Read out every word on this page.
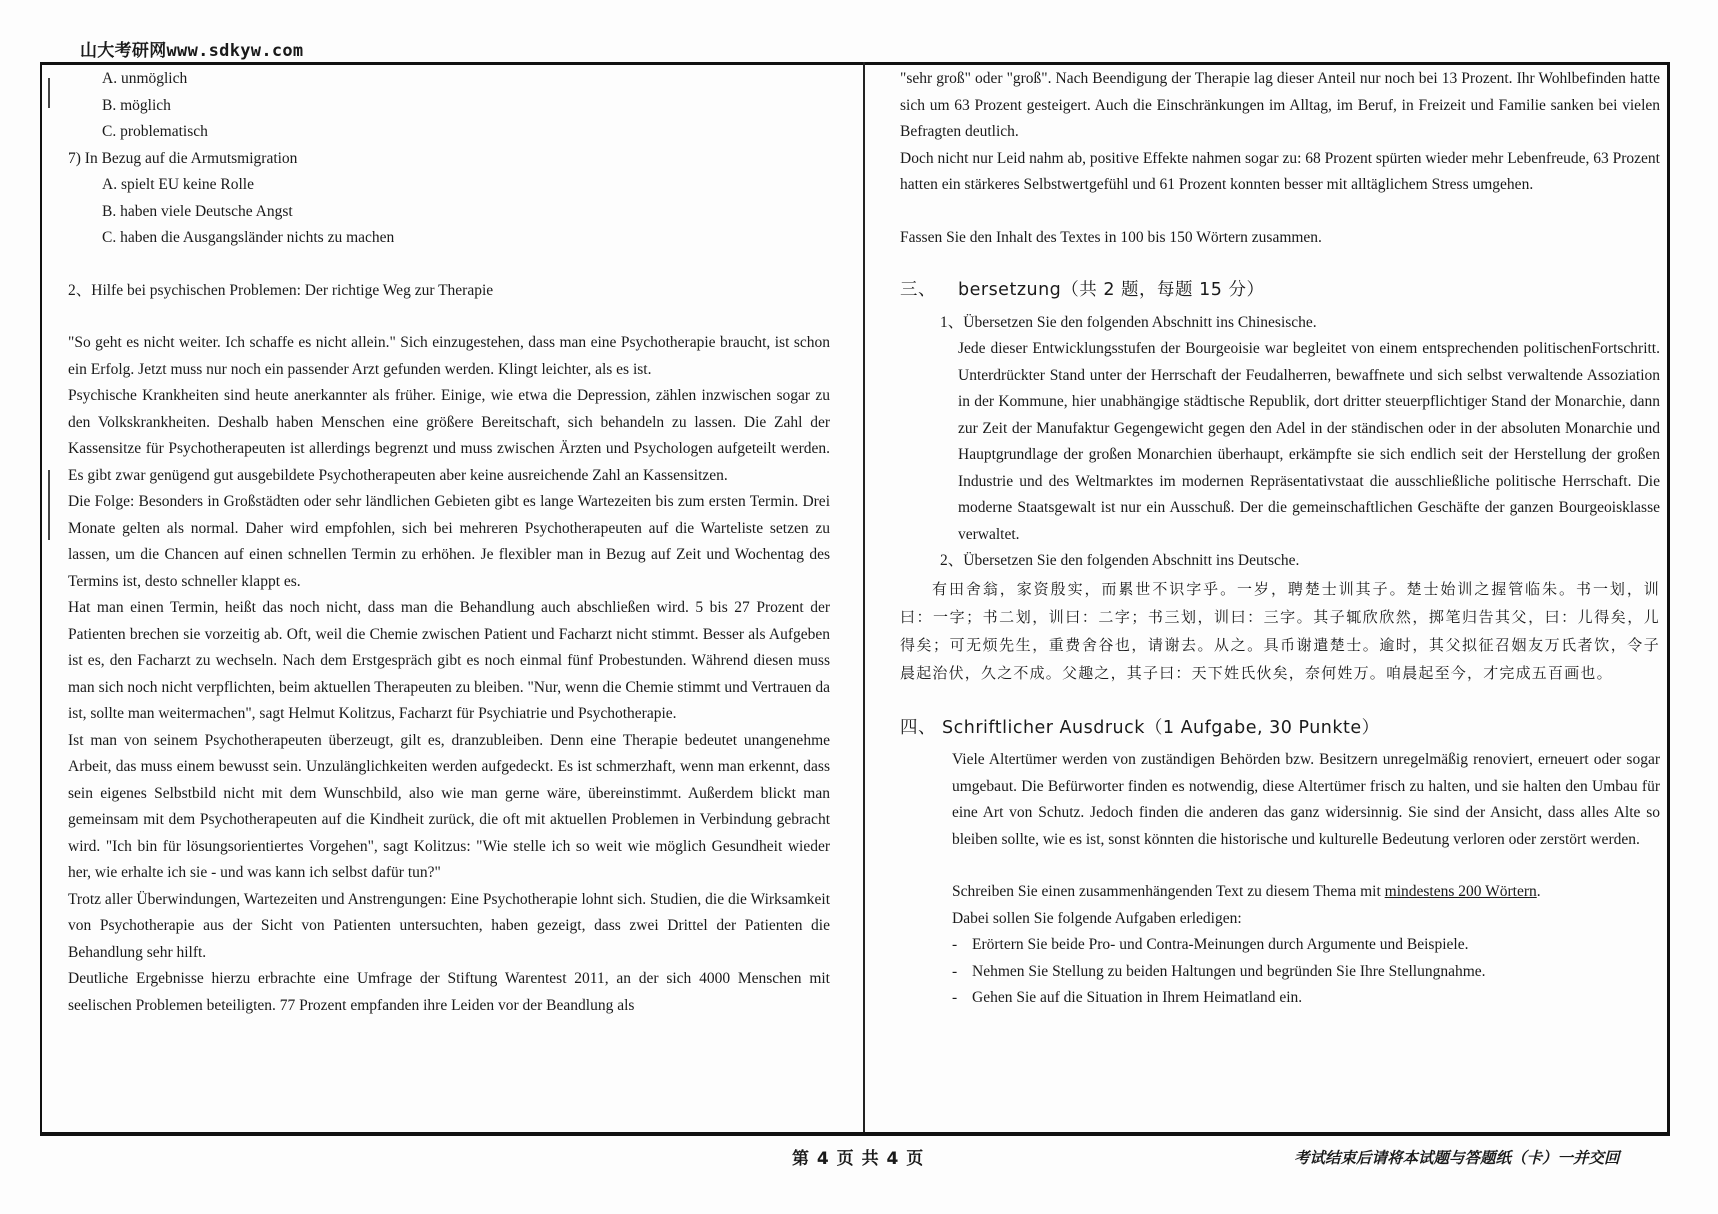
山大考研网www.sdkyw.com
A. unmöglich
B. möglich
C. problematisch
7) In Bezug auf die Armutsmigration
A. spielt EU keine Rolle
B. haben viele Deutsche Angst
C. haben die Ausgangsländer nichts zu machen
2、Hilfe bei psychischen Problemen: Der richtige Weg zur Therapie

"So geht es nicht weiter. Ich schaffe es nicht allein." Sich einzugestehen, dass man eine Psychotherapie braucht, ist schon ein Erfolg. Jetzt muss nur noch ein passender Arzt gefunden werden. Klingt leichter, als es ist.

Psychische Krankheiten sind heute anerkannter als früher. Einige, wie etwa die Depression, zählen inzwischen sogar zu den Volkskrankheiten. Deshalb haben Menschen eine größere Bereitschaft, sich behandeln zu lassen. Die Zahl der Kassensitze für Psychotherapeuten ist allerdings begrenzt und muss zwischen Ärzten und Psychologen aufgeteilt werden. Es gibt zwar genügend gut ausgebildete Psychotherapeuten aber keine ausreichende Zahl an Kassensitzen.

Die Folge: Besonders in Großstädten oder sehr ländlichen Gebieten gibt es lange Wartezeiten bis zum ersten Termin. Drei Monate gelten als normal. Daher wird empfohlen, sich bei mehreren Psychotherapeuten auf die Warteliste setzen zu lassen, um die Chancen auf einen schnellen Termin zu erhöhen. Je flexibler man in Bezug auf Zeit und Wochentag des Termins ist, desto schneller klappt es.

Hat man einen Termin, heißt das noch nicht, dass man die Behandlung auch abschließen wird. 5 bis 27 Prozent der Patienten brechen sie vorzeitig ab. Oft, weil die Chemie zwischen Patient und Facharzt nicht stimmt. Besser als Aufgeben ist es, den Facharzt zu wechseln. Nach dem Erstgespräch gibt es noch einmal fünf Probestunden. Während diesen muss man sich noch nicht verpflichten, beim aktuellen Therapeuten zu bleiben. "Nur, wenn die Chemie stimmt und Vertrauen da ist, sollte man weitermachen", sagt Helmut Kolitzus, Facharzt für Psychiatrie und Psychotherapie.

Ist man von seinem Psychotherapeuten überzeugt, gilt es, dranzubleiben. Denn eine Therapie bedeutet unangenehme Arbeit, das muss einem bewusst sein. Unzulänglichkeiten werden aufgedeckt. Es ist schmerzhaft, wenn man erkennt, dass sein eigenes Selbstbild nicht mit dem Wunschbild, also wie man gerne wäre, übereinstimmt. Außerdem blickt man gemeinsam mit dem Psychotherapeuten auf die Kindheit zurück, die oft mit aktuellen Problemen in Verbindung gebracht wird. "Ich bin für lösungsorientiertes Vorgehen", sagt Kolitzus: "Wie stelle ich so weit wie möglich Gesundheit wieder her, wie erhalte ich sie - und was kann ich selbst dafür tun?"

Trotz aller Überwindungen, Wartezeiten und Anstrengungen: Eine Psychotherapie lohnt sich. Studien, die die Wirksamkeit von Psychotherapie aus der Sicht von Patienten untersuchten, haben gezeigt, dass zwei Drittel der Patienten die Behandlung sehr hilft.

Deutliche Ergebnisse hierzu erbrachte eine Umfrage der Stiftung Warentest 2011, an der sich 4000 Menschen mit seelischen Problemen beteiligten. 77 Prozent empfanden ihre Leiden vor der Beandlung als

"sehr groß" oder "groß". Nach Beendigung der Therapie lag dieser Anteil nur noch bei 13 Prozent. Ihr Wohlbefinden hatte sich um 63 Prozent gesteigert. Auch die Einschränkungen im Alltag, im Beruf, in Freizeit und Familie sanken bei vielen Befragten deutlich.

Doch nicht nur Leid nahm ab, positive Effekte nahmen sogar zu: 68 Prozent spürten wieder mehr Lebenfreude, 63 Prozent hatten ein stärkeres Selbstwertgefühl und 61 Prozent konnten besser mit alltäglichem Stress umgehen.

Fassen Sie den Inhalt des Textes in 100 bis 150 Wörtern zusammen.

三、 bersetzung（共 2 题，每题 15 分）
1、Übersetzen Sie den folgenden Abschnitt ins Chinesische.

Jede dieser Entwicklungsstufen der Bourgeoisie war begleitet von einem entsprechenden politischenFortschritt. Unterdrückter Stand unter der Herrschaft der Feudalherren, bewaffnete und sich selbst verwaltende Assoziation in der Kommune, hier unabhängige städtische Republik, dort dritter steuerpflichtiger Stand der Monarchie, dann zur Zeit der Manufaktur Gegengewicht gegen den Adel in der ständischen oder in der absoluten Monarchie und Hauptgrundlage der großen Monarchien überhaupt, erkämpfte sie sich endlich seit der Herstellung der großen Industrie und des Weltmarktes im modernen Repräsentativstaat die ausschließliche politische Herrschaft. Die moderne Staatsgewalt ist nur ein Ausschuß. Der die gemeinschaftlichen Geschäfte der ganzen Bourgeoisklasse verwaltet.

2、Übersetzen Sie den folgenden Abschnitt ins Deutsche.

有田舍翁，家资殷实，而累世不识字乎。一岁，聘楚士训其子。楚士始训之握管临朱。书一划，训曰：一字；书二划，训曰：二字；书三划，训曰：三字。其子辄欣欣然，掷笔归告其父，曰：儿得矣，儿得矣；可无烦先生，重费舍谷也，请谢去。从之。具币谢遣楚士。逾时，其父拟征召姻友万氏者饮，令子晨起治伏，久之不成。父趣之，其子曰：天下姓氏伙矣，奈何姓万。咱晨起至今，才完成五百画也。

四、 Schriftlicher Ausdruck（1 Aufgabe, 30 Punkte）

Viele Altertümer werden von zuständigen Behörden bzw. Besitzern unregelmäßig renoviert, erneuert oder sogar umgebaut. Die Befürworter finden es notwendig, diese Altertümer frisch zu halten, und sie halten den Umbau für eine Art von Schutz. Jedoch finden die anderen das ganz widersinnig. Sie sind der Ansicht, dass alles Alte so bleiben sollte, wie es ist, sonst könnten die historische und kulturelle Bedeutung verloren oder zerstört werden.

Schreiben Sie einen zusammenhängenden Text zu diesem Thema mit mindestens 200 Wörtern.
Dabei sollen Sie folgende Aufgaben erledigen:
- Erörtern Sie beide Pro- und Contra-Meinungen durch Argumente und Beispiele.
- Nehmen Sie Stellung zu beiden Haltungen und begründen Sie Ihre Stellungnahme.
- Gehen Sie auf die Situation in Ihrem Heimatland ein.
第 4 页 共 4 页	考试结束后请将本试题与答题纸（卡）一并交回
